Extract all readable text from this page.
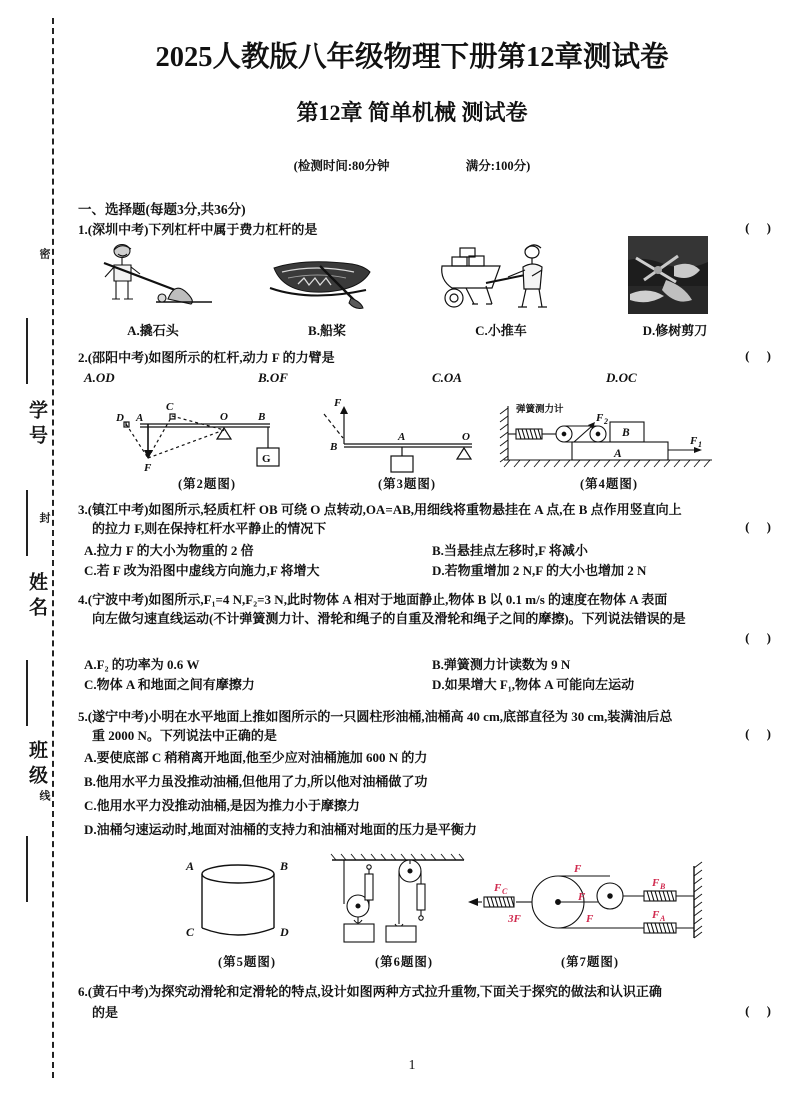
密
封
线
学号
姓名
班级
2025人教版八年级物理下册第12章测试卷
第12章 简单机械 测试卷
(检测时间:80分钟	满分:100分)
一、选择题(每题3分,共36分)
1.(深圳中考)下列杠杆中属于费力杠杆的是	( )
A.撬石头	B.船桨	C.小推车	D.修树剪刀
2.(邵阳中考)如图所示的杠杆,动力 F 的力臂是	( )
A.OD	B.OF	C.OA	D.OC
C
D A	O	B
F
G
(第2题图)
F
B
A	O
(第3题图)
弹簧测力计
F 2
B
A
F 1
(第4题图)
3.(镇江中考)如图所示,轻质杠杆 OB 可绕 O 点转动,OA=AB,用细线将重物悬挂在 A 点,在 B 点作用竖直向上
的拉力 F,则在保持杠杆水平静止的情况下	( )
A.拉力 F 的大小为物重的 2 倍	B.当悬挂点左移时,F 将减小
C.若 F 改为沿图中虚线方向施力,F 将增大	D.若物重增加 2 N,F 的大小也增加 2 N
4.(宁波中考)如图所示,F₁=4 N,F₂=3 N,此时物体 A 相对于地面静止,物体 B 以 0.1 m/s 的速度在物体 A 表面
向左做匀速直线运动(不计弹簧测力计、滑轮和绳子的自重及滑轮和绳子之间的摩擦)。下列说法错误的是
( )
A.F₂ 的功率为 0.6 W	B.弹簧测力计读数为 9 N
C.物体 A 和地面之间有摩擦力	D.如果增大 F₁,物体 A 可能向左运动
5.(遂宁中考)小明在水平地面上推如图所示的一只圆柱形油桶,油桶高 40 cm,底部直径为 30 cm,装满油后总
重 2000 N。下列说法中正确的是	( )
A.要使底部 C 稍稍离开地面,他至少应对油桶施加 600 N 的力
B.他用水平力虽没推动油桶,但他用了力,所以他对油桶做了功
C.他用水平力没推动油桶,是因为推力小于摩擦力
D.油桶匀速运动时,地面对油桶的支持力和油桶对地面的压力是平衡力
A	B
C	D
(第5题图)	(第6题图)
F C
3F
F
F
F
F B
F A
(第7题图)
6.(黄石中考)为探究动滑轮和定滑轮的特点,设计如图两种方式拉升重物,下面关于探究的做法和认识正确
的是	( )
1
